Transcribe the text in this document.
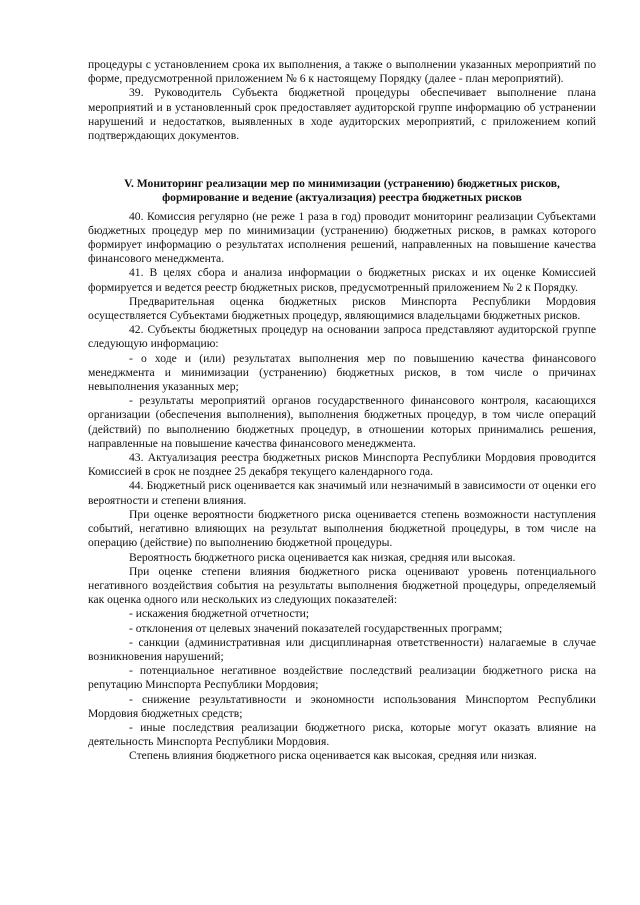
процедуры с установлением срока их выполнения, а также о выполнении указанных мероприятий по форме, предусмотренной приложением № 6 к настоящему Порядку (далее - план мероприятий).

39. Руководитель Субъекта бюджетной процедуры обеспечивает выполнение плана мероприятий и в установленный срок предоставляет аудиторской группе информацию об устранении нарушений и недостатков, выявленных в ходе аудиторских мероприятий, с приложением копий подтверждающих документов.

V. Мониторинг реализации мер по минимизации (устранению) бюджетных рисков,
формирование и ведение (актуализация) реестра бюджетных рисков

40. Комиссия регулярно (не реже 1 раза в год) проводит мониторинг реализации Субъектами бюджетных процедур мер по минимизации (устранению) бюджетных рисков, в рамках которого формирует информацию о результатах исполнения решений, направленных на повышение качества финансового менеджмента.

41. В целях сбора и анализа информации о бюджетных рисках и их оценке Комиссией формируется и ведется реестр бюджетных рисков, предусмотренный приложением № 2 к Порядку.

Предварительная оценка бюджетных рисков Минспорта Республики Мордовия осуществляется Субъектами бюджетных процедур, являющимися владельцами бюджетных рисков.

42. Субъекты бюджетных процедур на основании запроса представляют аудиторской группе следующую информацию:

- о ходе и (или) результатах выполнения мер по повышению качества финансового менеджмента и минимизации (устранению) бюджетных рисков, в том числе о причинах невыполнения указанных мер;

- результаты мероприятий органов государственного финансового контроля, касающихся организации (обеспечения выполнения), выполнения бюджетных процедур, в том числе операций (действий) по выполнению бюджетных процедур, в отношении которых принимались решения, направленные на повышение качества финансового менеджмента.

43. Актуализация реестра бюджетных рисков Минспорта Республики Мордовия проводится Комиссией в срок не позднее 25 декабря текущего календарного года.

44. Бюджетный риск оценивается как значимый или незначимый в зависимости от оценки его вероятности и степени влияния.

При оценке вероятности бюджетного риска оценивается степень возможности наступления событий, негативно влияющих на результат выполнения бюджетной процедуры, в том числе на операцию (действие) по выполнению бюджетной процедуры.

Вероятность бюджетного риска оценивается как низкая, средняя или высокая.

При оценке степени влияния бюджетного риска оценивают уровень потенциального негативного воздействия события на результаты выполнения бюджетной процедуры, определяемый как оценка одного или нескольких из следующих показателей:

- искажения бюджетной отчетности;

- отклонения от целевых значений показателей государственных программ;

- санкции (административная или дисциплинарная ответственности) налагаемые в случае возникновения нарушений;

- потенциальное негативное воздействие последствий реализации бюджетного риска на репутацию Минспорта Республики Мордовия;

- снижение результативности и экономности использования Минспортом Республики Мордовия бюджетных средств;

- иные последствия реализации бюджетного риска, которые могут оказать влияние на деятельность Минспорта Республики Мордовия.

Степень влияния бюджетного риска оценивается как высокая, средняя или низкая.
